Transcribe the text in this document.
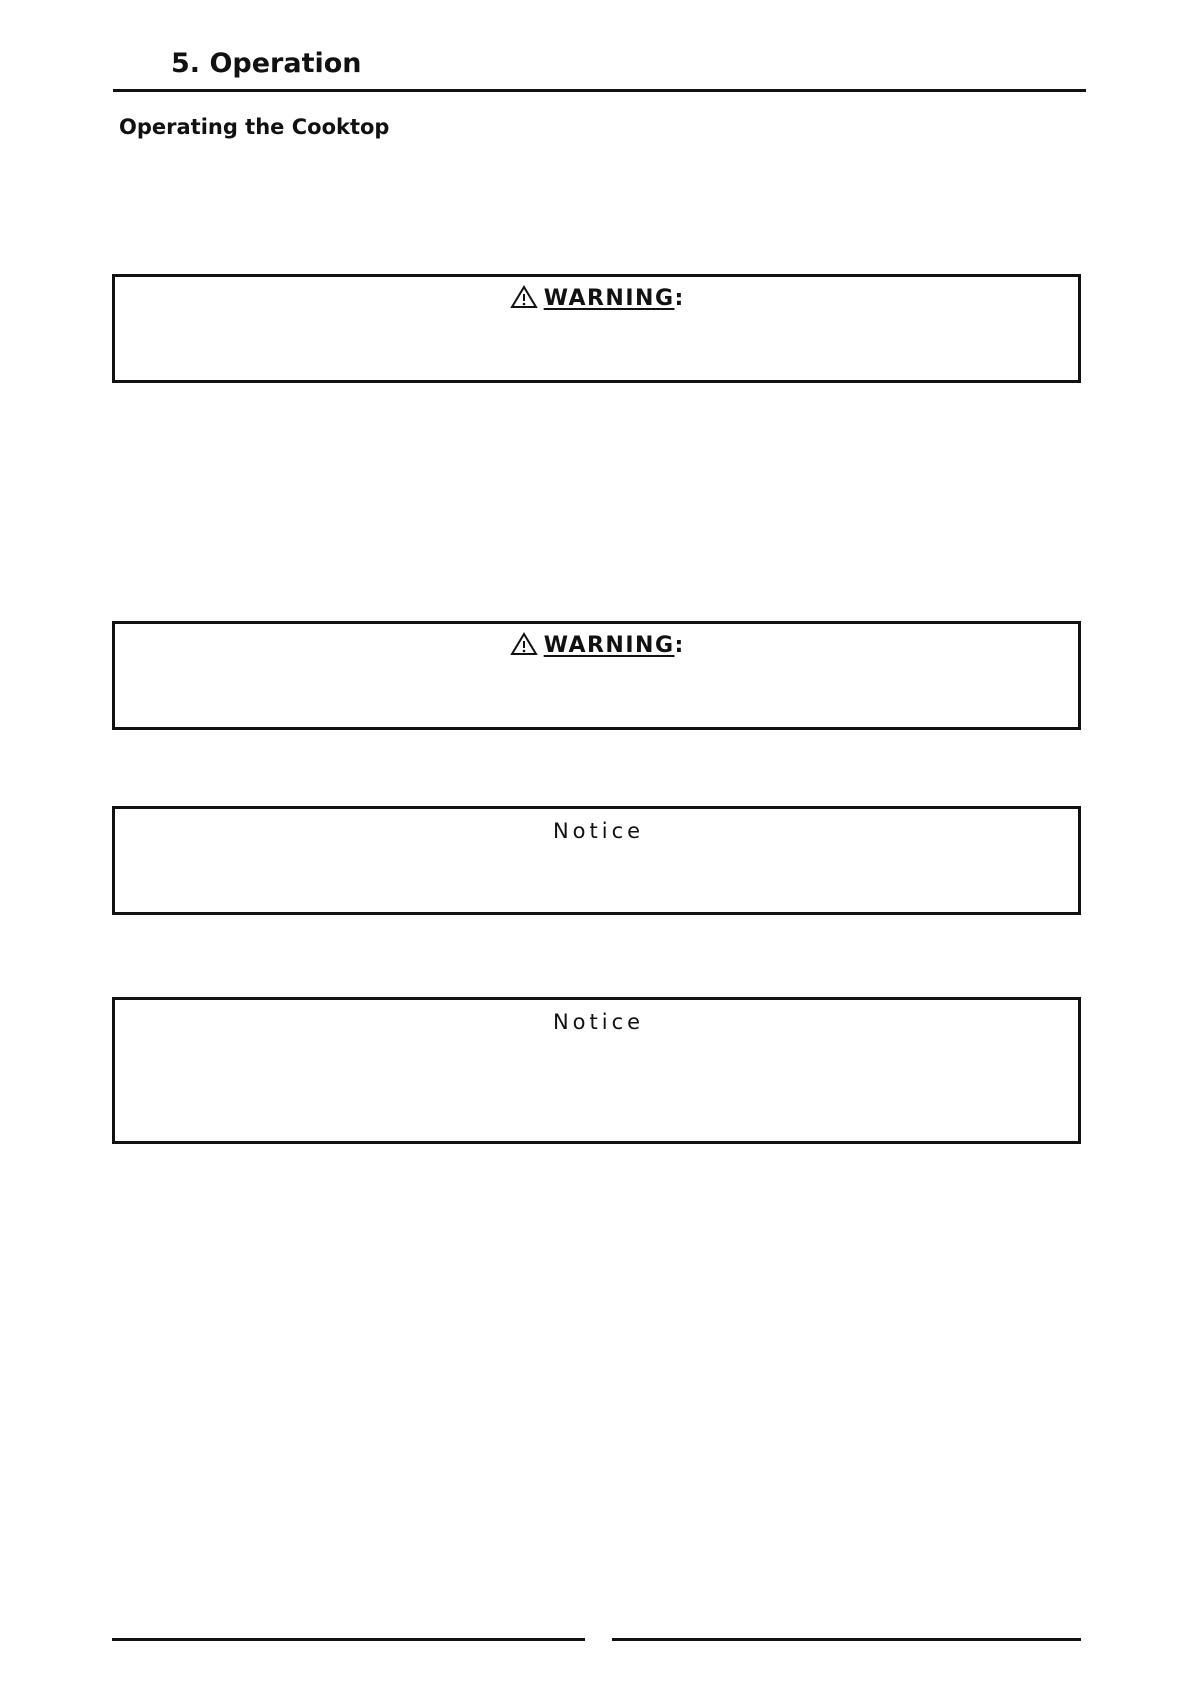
5. Operation
Operating the Cooktop
WARNING:
WARNING:
Notice
Notice
